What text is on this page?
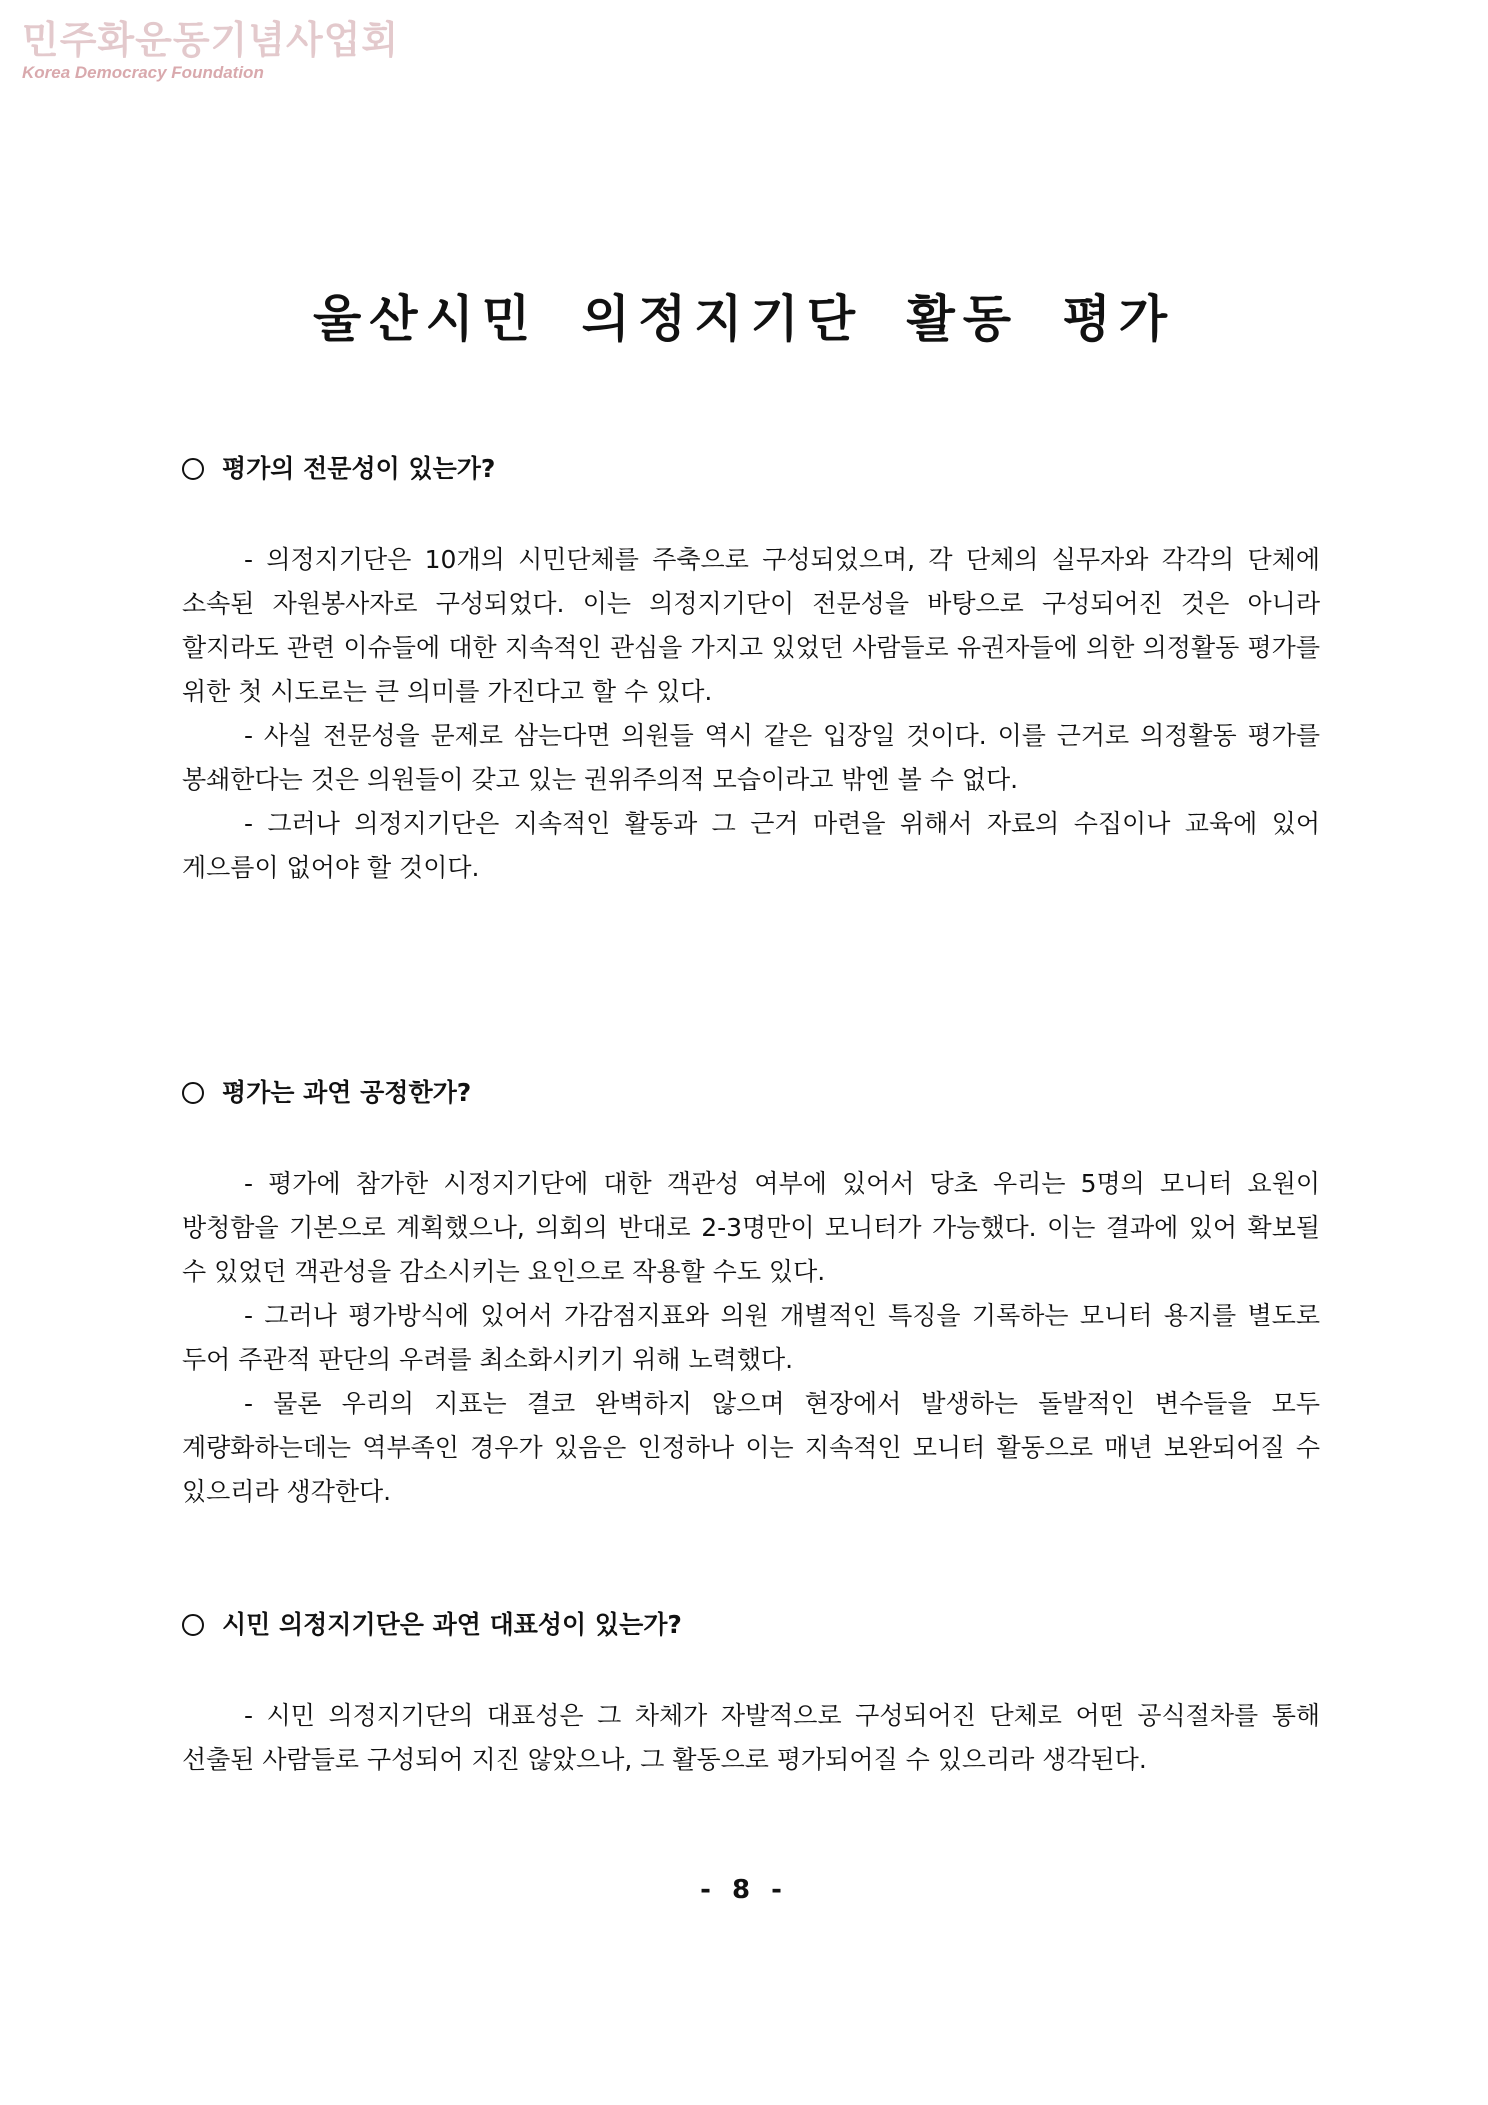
민주화운동기념사업회
Korea Democracy Foundation
울산시민 의정지기단 활동 평가
평가의 전문성이 있는가?

- 의정지기단은 10개의 시민단체를 주축으로 구성되었으며, 각 단체의 실무자와 각각의 단체에 소속된 자원봉사자로 구성되었다. 이는 의정지기단이 전문성을 바탕으로 구성되어진 것은 아니라 할지라도 관련 이슈들에 대한 지속적인 관심을 가지고 있었던 사람들로 유권자들에 의한 의정활동 평가를 위한 첫 시도로는 큰 의미를 가진다고 할 수 있다.

- 사실 전문성을 문제로 삼는다면 의원들 역시 같은 입장일 것이다. 이를 근거로 의정활동 평가를 봉쇄한다는 것은 의원들이 갖고 있는 권위주의적 모습이라고 밖엔 볼 수 없다.

- 그러나 의정지기단은 지속적인 활동과 그 근거 마련을 위해서 자료의 수집이나 교육에 있어 게으름이 없어야 할 것이다.

평가는 과연 공정한가?

- 평가에 참가한 시정지기단에 대한 객관성 여부에 있어서 당초 우리는 5명의 모니터 요원이 방청함을 기본으로 계획했으나, 의회의 반대로 2-3명만이 모니터가 가능했다. 이는 결과에 있어 확보될 수 있었던 객관성을 감소시키는 요인으로 작용할 수도 있다.

- 그러나 평가방식에 있어서 가감점지표와 의원 개별적인 특징을 기록하는 모니터 용지를 별도로 두어 주관적 판단의 우려를 최소화시키기 위해 노력했다.

- 물론 우리의 지표는 결코 완벽하지 않으며 현장에서 발생하는 돌발적인 변수들을 모두 계량화하는데는 역부족인 경우가 있음은 인정하나 이는 지속적인 모니터 활동으로 매년 보완되어질 수 있으리라 생각한다.

시민 의정지기단은 과연 대표성이 있는가?

- 시민 의정지기단의 대표성은 그 차체가 자발적으로 구성되어진 단체로 어떤 공식절차를 통해 선출된 사람들로 구성되어 지진 않았으나, 그 활동으로 평가되어질 수 있으리라 생각된다.

- 8 -
